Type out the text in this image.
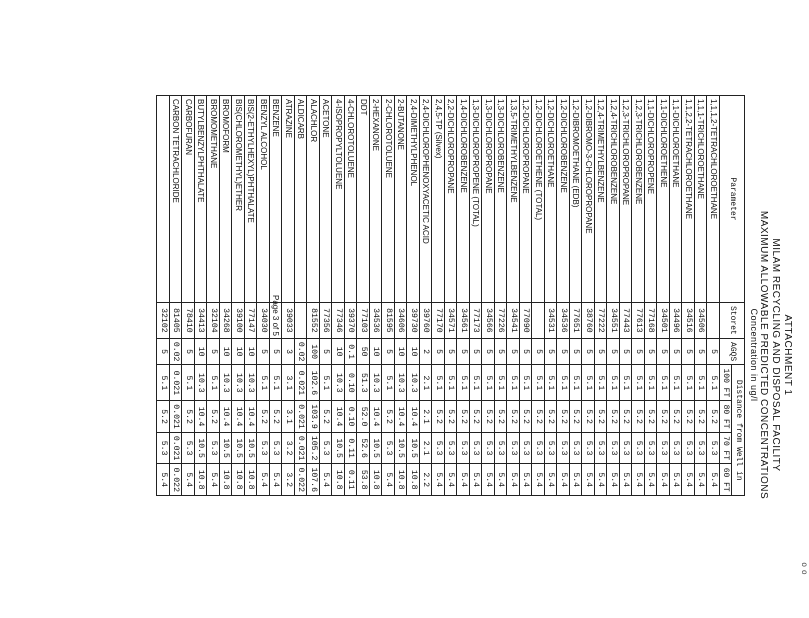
o o
ATTACHMENT 1
MILAM RECYCLING AND DISPOSAL FACILITY
MAXIMUM ALLOWABLE PREDICTED CONCENTRATIONS
Concentration in ug/l
Parameter	Storet	AGQS	Distance from Well in			
			100 FT	80 FT	70 FT	60 FT
1,1,1,2-TETRACHLOROETHANE		5	5.1	5.2	5.3	5.4
1,1,1-TRICHLOROETHANE	34506	5	5.1	5.2	5.3	5.4
1,1,2,2-TETRACHLOROETHANE	34516	5	5.1	5.2	5.3	5.4
1,1-DICHLOROETHANE	34496	5	5.1	5.2	5.3	5.4
1,1-DICHLOROETHENE	34501	5	5.1	5.2	5.3	5.4
1,1-DICHLOROPROPENE	77168	5	5.1	5.2	5.3	5.4
1,2,3-TRICHLOROBENZENE	77613	5	5.1	5.2	5.3	5.4
1,2,3-TRICHLOROPROPANE	77443	5	5.1	5.2	5.3	5.4
1,2,4-TRICHLOROBENZENE	34551	5	5.1	5.2	5.3	5.4
1,2,4-TRIMETHYLBENZENE	77222	5	5.1	5.2	5.3	5.4
1,2-DIBROMO-3-CHLOROPROPANE	38760	5	5.1	5.2	5.3	5.4
1,2-DIBROMOETHANE (EDB)	77651	5	5.1	5.2	5.3	5.4
1,2-DICHLOROBENZENE	34536	5	5.1	5.2	5.3	5.4
1,2-DICHLOROETHANE	34531	5	5.1	5.2	5.3	5.4
1,2-DICHLOROETHENE (TOTAL)		5	5.1	5.2	5.3	5.4
1,2-DICHLOROPROPANE	77090	5	5.1	5.2	5.3	5.4
1,3,5-TRIMETHYLBENZENE	34541	5	5.1	5.2	5.3	5.4
1,3-DICHLOROBENZENE	77226	5	5.1	5.2	5.3	5.4
1,3-DICHLOROPROPANE	34566	5	5.1	5.2	5.3	5.4
1,3-DICHLOROPROPENE (TOTAL)	77173	5	5.1	5.2	5.3	5.4
1,4-DICHLOROBENZENE	34561	5	5.1	5.2	5.3	5.4
2,2-DICHLOROPROPANE	34571	5	5.1	5.2	5.3	5.4
2,4,5-TP (Silvex)	77170	5	5.1	5.2	5.3	5.4
2,4-DICHLOROPHENOXYACETIC ACID	39760	2	2.1	2.1	2.1	2.2
2,4-DIMETHYLPHENOL	39730	10	10.3	10.4	10.5	10.8
2-BUTANONE	34606	10	10.3	10.4	10.5	10.8
2-CHLOROTOLUENE	81595	5	5.1	5.2	5.3	5.4
2-HEXANONE	34536	10	10.3	10.4	10.5	10.8
DDT	77103	50	51.3	52.0	52.6	53.8
4-CHLOROTOLUENE	39370	0.1	0.10	0.10	0.11	0.11
4-ISOPROPYLTOLUENE	77346	10	10.3	10.4	10.5	10.8
ACETONE	77356	5	5.1	5.2	5.3	5.4
ALACHLOR	81552	100	102.6	103.9	105.2	107.6
ALDICARB		0.02	0.021	0.021	0.021	0.022
ATRAZINE	39033	3	3.1	3.1	3.2	3.2
BENZENE		5	5.1	5.2	5.3	5.4
BENZYL ALCOHOL	34030	5	5.1	5.2	5.3	5.4
BIS(2-ETHYLHEXYL)PHTHALATE	77147	10	10.3	10.4	10.5	10.8
BIS(CHLOROMETHYL)ETHER	39100	10	10.3	10.4	10.5	10.8
BROMOFORM	34268	10	10.3	10.4	10.5	10.8
BROMOMETHANE	32104	5	5.1	5.2	5.3	5.4
BUTYLBENZYLPHTHALATE	34413	10	10.3	10.4	10.5	10.8
CARBOFURAN	78410	5	5.1	5.2	5.3	5.4
CARBON TETRACHLORIDE	81405	0.02	0.021	0.021	0.021	0.022
	32102	5	5.1	5.2	5.3	5.4
Page 3 of 5
